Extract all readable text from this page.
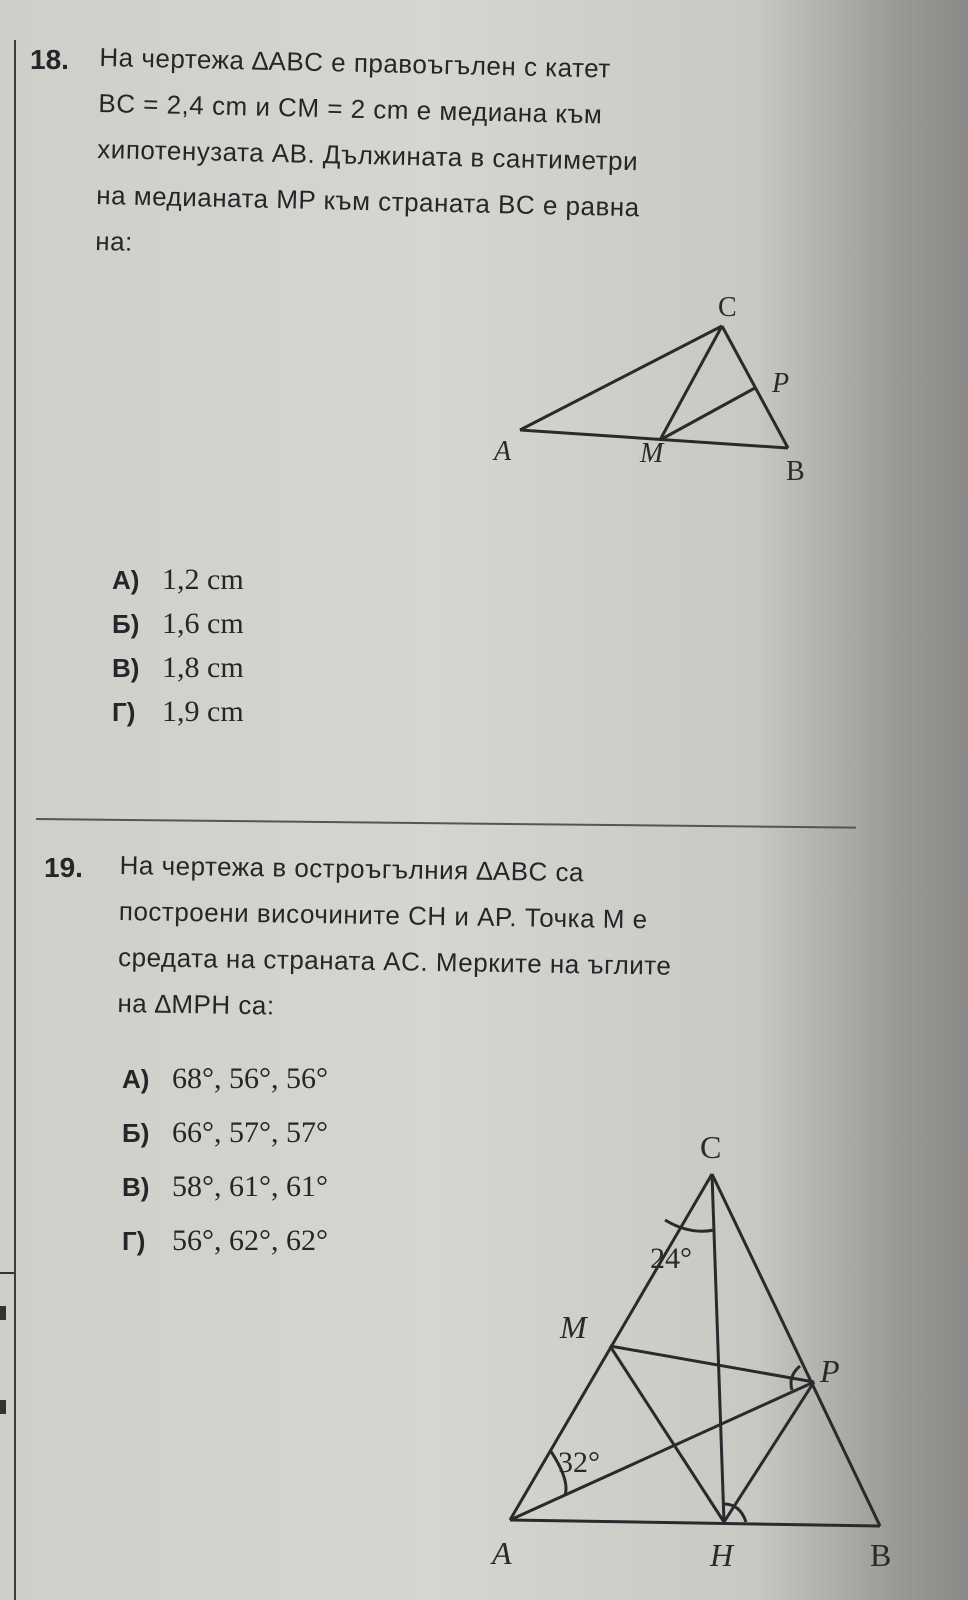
18. На чертежа ∆ABC е правоъгълен с катет
BC = 2,4 cm и CM = 2 cm е медиана към
хипотенузата AB. Дължината в сантиметри
на медианата MP към страната BC е равна
на:
C
P
A	M
B
А) 1,2 cm
Б) 1,6 cm
В) 1,8 cm
Г) 1,9 cm
19. На чертежа в остроъгълния ∆ABC са
построени височините CH и AP. Точка M е
средата на страната AC. Мерките на ъглите
на ∆MPH са:
А) 68°, 56°, 56°
Б) 66°, 57°, 57°
В) 58°, 61°, 61°
Г) 56°, 62°, 62°
C
24°
M
P
32°
A	H	B
